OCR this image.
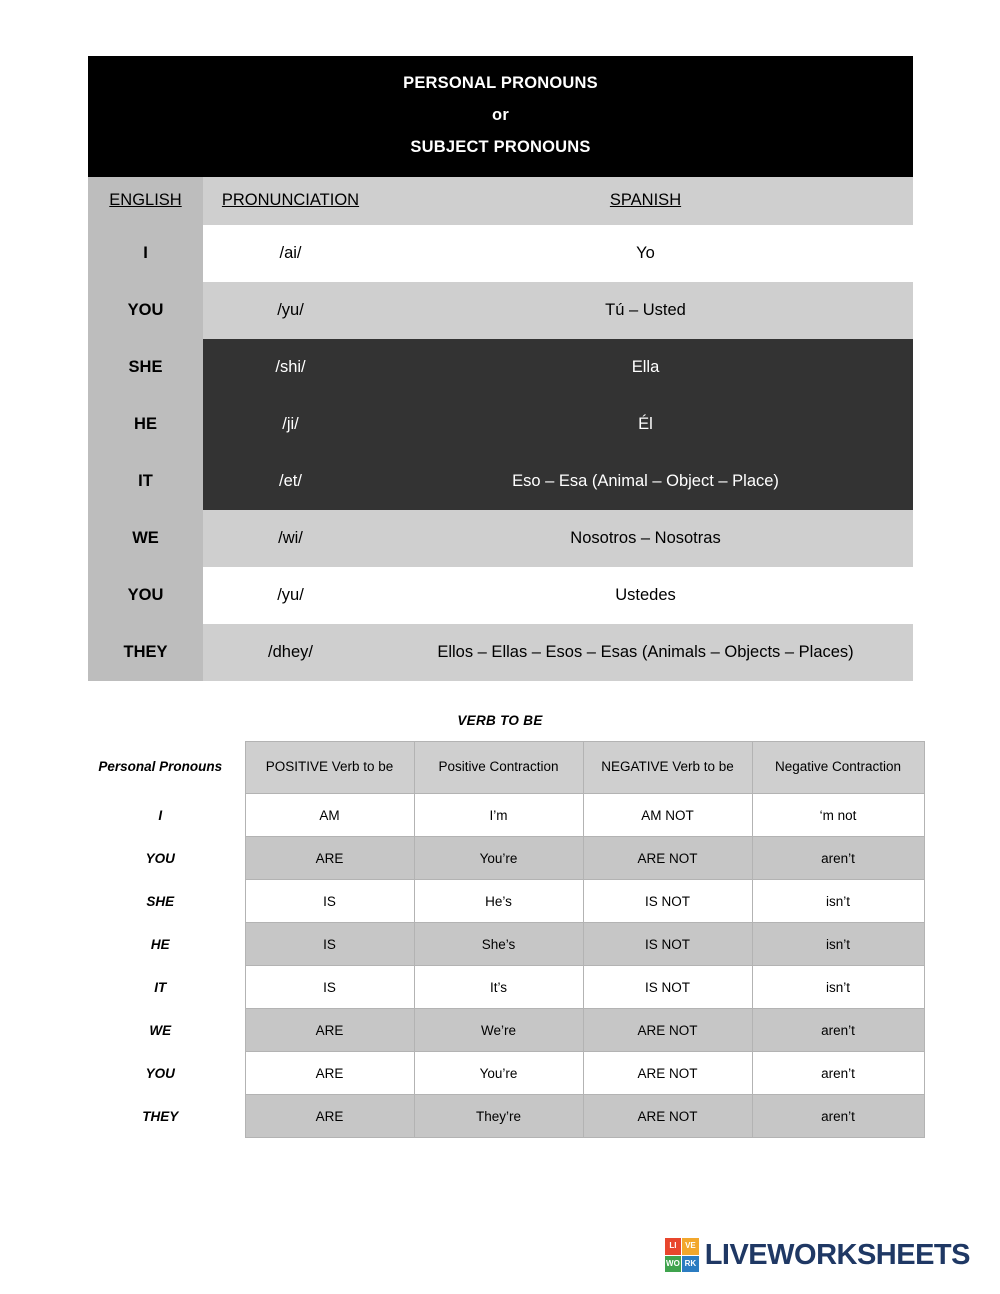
PERSONAL PRONOUNS
or
SUBJECT PRONOUNS		

ENGLISH	PRONUNCIATION	SPANISH
I	/ai/	Yo
YOU	/yu/	Tú – Usted
SHE	/shi/	Ella
HE	/ji/	Él
IT	/et/	Eso – Esa (Animal – Object – Place)
WE	/wi/	Nosotros – Nosotras
YOU	/yu/	Ustedes
THEY	/dhey/	Ellos – Ellas – Esos – Esas (Animals – Objects – Places)
VERB TO BE
Personal Pronouns	POSITIVE Verb to be	Positive Contraction	NEGATIVE Verb to be	Negative Contraction
I	AM	I’m	AM NOT	‘m not
YOU	ARE	You’re	ARE NOT	aren’t
SHE	IS	He’s	IS NOT	isn’t
HE	IS	She’s	IS NOT	isn’t
IT	IS	It’s	IS NOT	isn’t
WE	ARE	We’re	ARE NOT	aren’t
YOU	ARE	You’re	ARE NOT	aren’t
THEY	ARE	They’re	ARE NOT	aren’t
LI	VE
WO RK LIVEWORKSHEETS
